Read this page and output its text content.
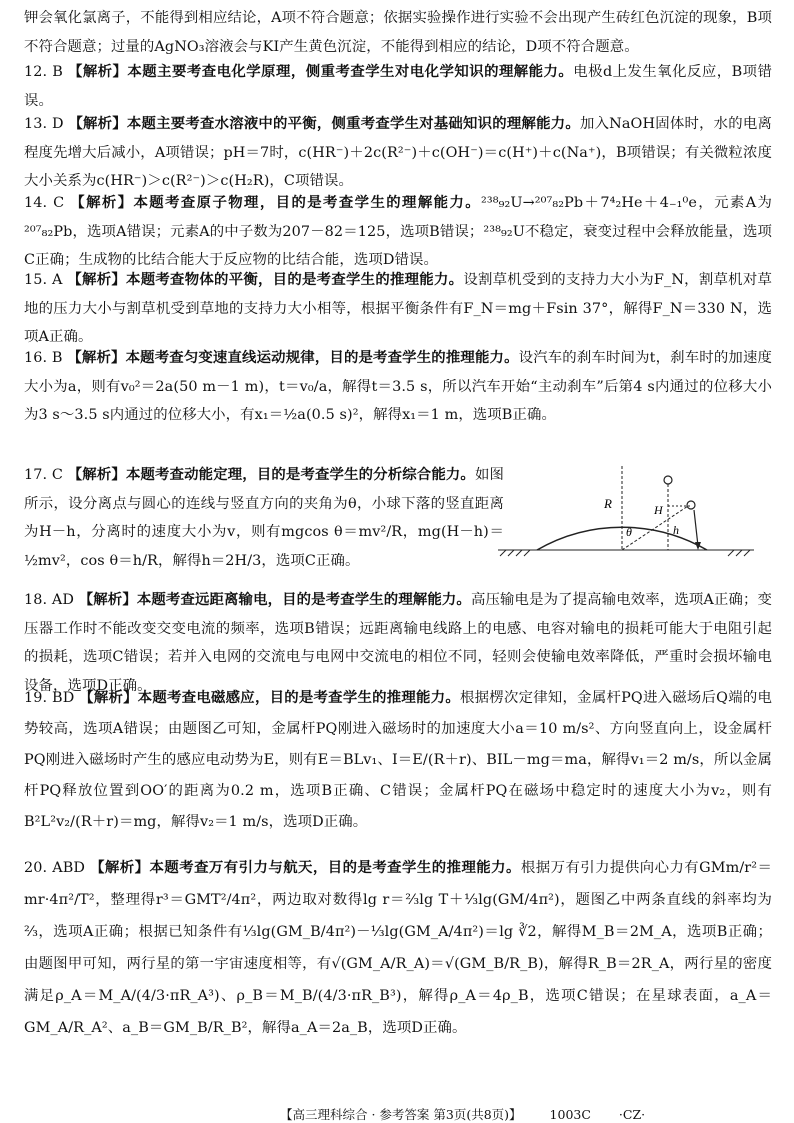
钾会氧化氯离子，不能得到相应结论，A项不符合题意；依据实验操作进行实验不会出现产生砖红色沉淀的现象，B项不符合题意；过量的AgNO₃溶液会与KI产生黄色沉淀，不能得到相应的结论，D项不符合题意。
12. B 【解析】本题主要考查电化学原理，侧重考查学生对电化学知识的理解能力。电极d上发生氧化反应，B项错误。
13. D 【解析】本题主要考查水溶液中的平衡，侧重考查学生对基础知识的理解能力。加入NaOH固体时，水的电离程度先增大后减小，A项错误；pH＝7时，c(HR⁻)＋2c(R²⁻)＋c(OH⁻)＝c(H⁺)＋c(Na⁺)，B项错误；有关微粒浓度大小关系为c(HR⁻)＞c(R²⁻)＞c(H₂R)，C项错误。
14. C 【解析】本题考查原子物理，目的是考查学生的理解能力。²³⁸₉₂U→²⁰⁷₈₂Pb＋7⁴₂He＋4₋₁⁰e，元素A为²⁰⁷₈₂Pb，选项A错误；元素A的中子数为207－82＝125，选项B错误；²³⁸₉₂U不稳定，衰变过程中会释放能量，选项C正确；生成物的比结合能大于反应物的比结合能，选项D错误。
15. A 【解析】本题考查物体的平衡，目的是考查学生的推理能力。设割草机受到的支持力大小为F_N，割草机对草地的压力大小与割草机受到草地的支持力大小相等，根据平衡条件有F_N＝mg＋Fsin 37°，解得F_N＝330 N，选项A正确。
16. B 【解析】本题考查匀变速直线运动规律，目的是考查学生的推理能力。设汽车的刹车时间为t，刹车时的加速度大小为a，则有v₀²＝2a(50 m－1 m)，t＝v₀/a，解得t＝3.5 s，所以汽车开始“主动刹车”后第4 s内通过的位移大小为3 s～3.5 s内通过的位移大小，有x₁＝½a(0.5 s)²，解得x₁＝1 m，选项B正确。
17. C 【解析】本题考查动能定理，目的是考查学生的分析综合能力。如图所示，设分离点与圆心的连线与竖直方向的夹角为θ，小球下落的竖直距离为H－h，分离时的速度大小为v，则有mgcos θ＝mv²/R，mg(H－h)＝½mv²，cos θ＝h/R，解得h＝2H/3，选项C正确。
R	H
h
θ
18. AD 【解析】本题考查远距离输电，目的是考查学生的理解能力。高压输电是为了提高输电效率，选项A正确；变压器工作时不能改变交变电流的频率，选项B错误；远距离输电线路上的电感、电容对输电的损耗可能大于电阻引起的损耗，选项C错误；若并入电网的交流电与电网中交流电的相位不同，轻则会使输电效率降低，严重时会损坏输电设备，选项D正确。
19. BD 【解析】本题考查电磁感应，目的是考查学生的推理能力。根据楞次定律知，金属杆PQ进入磁场后Q端的电势较高，选项A错误；由题图乙可知，金属杆PQ刚进入磁场时的加速度大小a＝10 m/s²、方向竖直向上，设金属杆PQ刚进入磁场时产生的感应电动势为E，则有E＝BLv₁、I＝E/(R＋r)、BIL－mg＝ma，解得v₁＝2 m/s，所以金属杆PQ释放位置到OO′的距离为0.2 m，选项B正确、C错误；金属杆PQ在磁场中稳定时的速度大小为v₂，则有B²L²v₂/(R＋r)＝mg，解得v₂＝1 m/s，选项D正确。
20. ABD 【解析】本题考查万有引力与航天，目的是考查学生的推理能力。根据万有引力提供向心力有GMm/r²＝mr·4π²/T²，整理得r³＝GMT²/4π²，两边取对数得lg r＝⅔lg T＋⅓lg(GM/4π²)，题图乙中两条直线的斜率均为⅔，选项A正确；根据已知条件有⅓lg(GM_B/4π²)－⅓lg(GM_A/4π²)＝lg ∛2，解得M_B＝2M_A，选项B正确；由题图甲可知，两行星的第一宇宙速度相等，有√(GM_A/R_A)＝√(GM_B/R_B)，解得R_B＝2R_A，两行星的密度满足ρ_A＝M_A/(4/3·πR_A³)、ρ_B＝M_B/(4/3·πR_B³)，解得ρ_A＝4ρ_B，选项C错误；在星球表面，a_A＝GM_A/R_A²、a_B＝GM_B/R_B²，解得a_A＝2a_B，选项D正确。
【高三理科综合 · 参考答案 第3页(共8页)】 1003C ·CZ·
